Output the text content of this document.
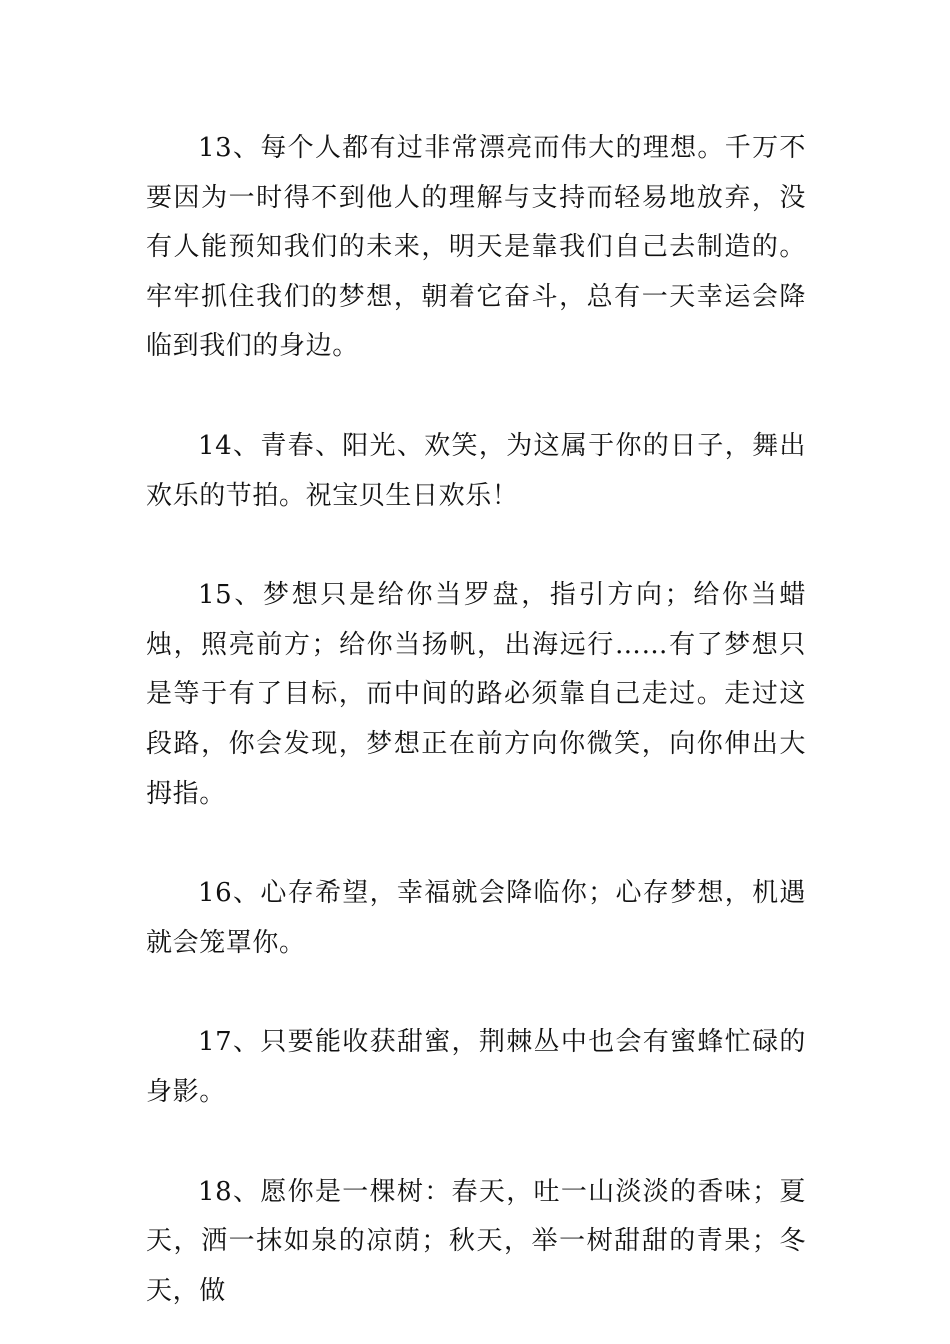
13、每个人都有过非常漂亮而伟大的理想。千万不要因为一时得不到他人的理解与支持而轻易地放弃，没有人能预知我们的未来，明天是靠我们自己去制造的。牢牢抓住我们的梦想，朝着它奋斗，总有一天幸运会降临到我们的身边。

14、青春、阳光、欢笑，为这属于你的日子，舞出欢乐的节拍。祝宝贝生日欢乐！

15、梦想只是给你当罗盘，指引方向；给你当蜡烛，照亮前方；给你当扬帆，出海远行……有了梦想只是等于有了目标，而中间的路必须靠自己走过。走过这段路，你会发现，梦想正在前方向你微笑，向你伸出大拇指。

16、心存希望，幸福就会降临你；心存梦想，机遇就会笼罩你。

17、只要能收获甜蜜，荆棘丛中也会有蜜蜂忙碌的身影。

18、愿你是一棵树：春天，吐一山淡淡的香味；夏天，洒一抹如泉的凉荫；秋天，举一树甜甜的青果；冬天，做
